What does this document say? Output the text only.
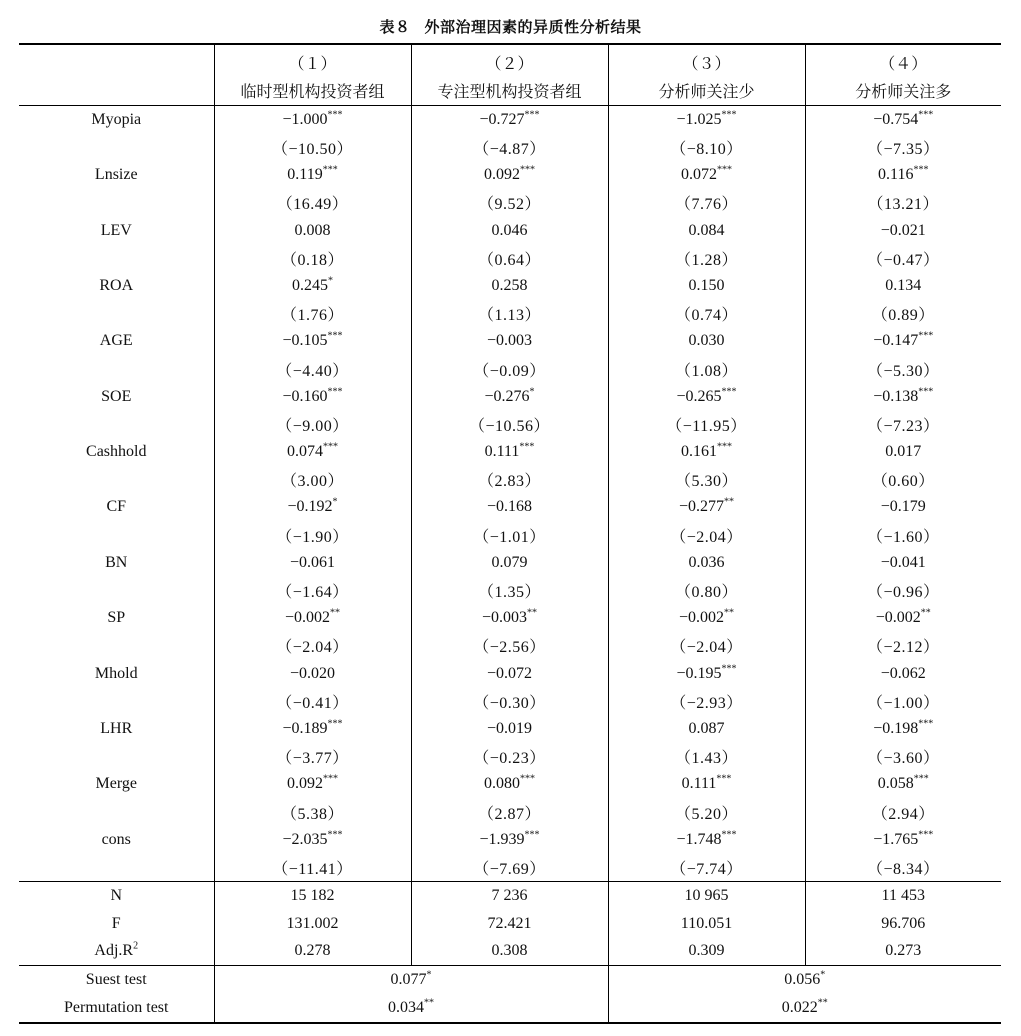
表８ 外部治理因素的异质性分析结果
	（１）	（２）	（３）	（４）
	临时型机构投资者组	专注型机构投资者组	分析师关注少	分析师关注多
Myopia	−1.000***	−0.727***	−1.025***	−0.754***
	（−10.50）	（−4.87）	（−8.10）	（−7.35）
Lnsize	0.119***	0.092***	0.072***	0.116***
	（16.49）	（9.52）	（7.76）	（13.21）
LEV	0.008	0.046	0.084	−0.021
	（0.18）	（0.64）	（1.28）	（−0.47）
ROA	0.245*	0.258	0.150	0.134
	（1.76）	（1.13）	（0.74）	（0.89）
AGE	−0.105***	−0.003	0.030	−0.147***
	（−4.40）	（−0.09）	（1.08）	（−5.30）
SOE	−0.160***	−0.276*	−0.265***	−0.138***
	（−9.00）	（−10.56）	（−11.95）	（−7.23）
Cashhold	0.074***	0.111***	0.161***	0.017
	（3.00）	（2.83）	（5.30）	（0.60）
CF	−0.192*	−0.168	−0.277**	−0.179
	（−1.90）	（−1.01）	（−2.04）	（−1.60）
BN	−0.061	0.079	0.036	−0.041
	（−1.64）	（1.35）	（0.80）	（−0.96）
SP	−0.002**	−0.003**	−0.002**	−0.002**
	（−2.04）	（−2.56）	（−2.04）	（−2.12）
Mhold	−0.020	−0.072	−0.195***	−0.062
	（−0.41）	（−0.30）	（−2.93）	（−1.00）
LHR	−0.189***	−0.019	0.087	−0.198***
	（−3.77）	（−0.23）	（1.43）	（−3.60）
Merge	0.092***	0.080***	0.111***	0.058***
	（5.38）	（2.87）	（5.20）	（2.94）
cons	−2.035***	−1.939***	−1.748***	−1.765***
	（−11.41）	（−7.69）	（−7.74）	（−8.34）
N	15 182	7 236	10 965	11 453
F	131.002	72.421	110.051	96.706
$Adj.R^2$	0.278	0.308	0.309	0.273
Suest test	0.077*		0.056*
Permutation test	0.034**		0.022**
